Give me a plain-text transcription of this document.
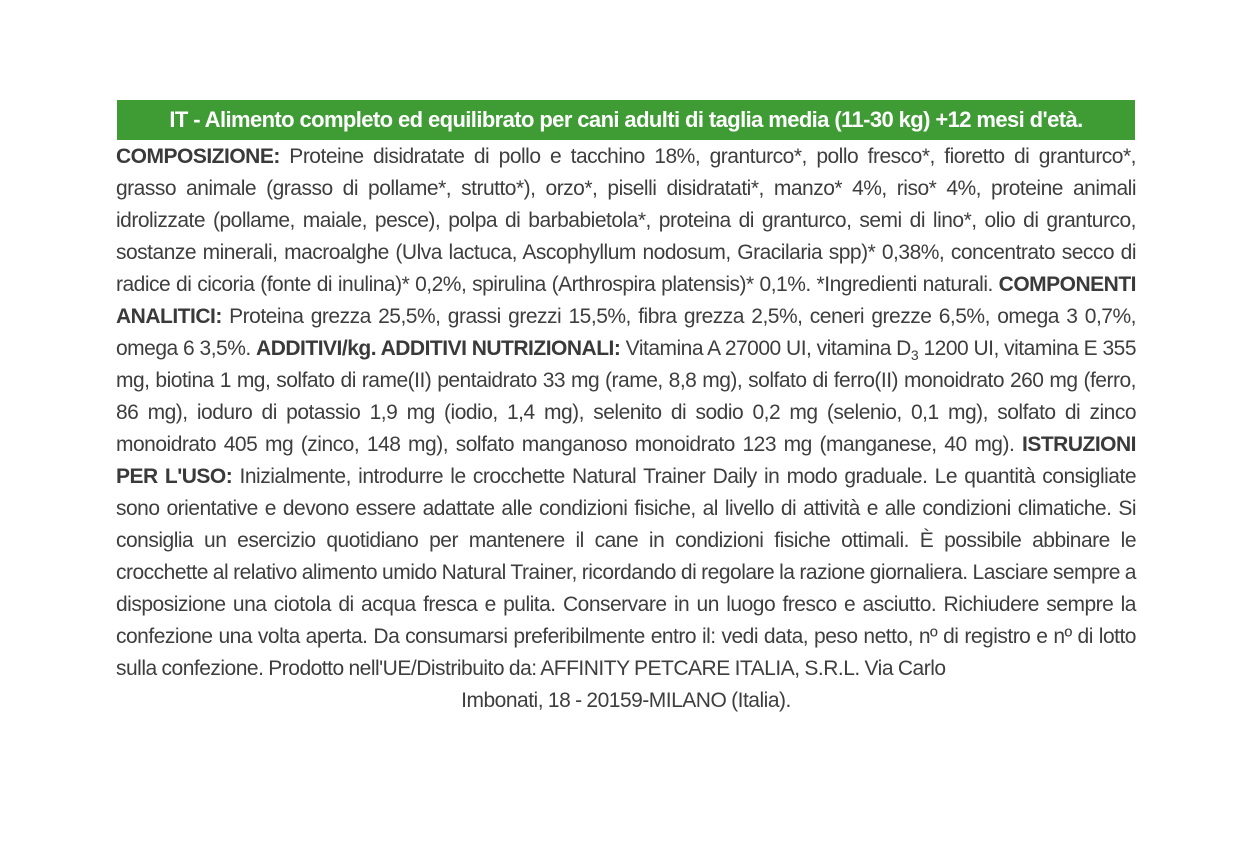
IT - Alimento completo ed equilibrato per cani adulti di taglia media (11-30 kg) +12 mesi d'età.
COMPOSIZIONE: Proteine disidratate di pollo e tacchino 18%, granturco*, pollo fresco*, fioretto di granturco*, grasso animale (grasso di pollame*, strutto*), orzo*, piselli disidratati*, manzo* 4%, riso* 4%, proteine animali idrolizzate (pollame, maiale, pesce), polpa di barbabietola*, proteina di granturco, semi di lino*, olio di granturco, sostanze minerali, macroalghe (Ulva lactuca, Ascophyllum nodosum, Gracilaria spp)* 0,38%, concentrato secco di radice di cicoria (fonte di inulina)* 0,2%, spirulina (Arthrospira platensis)* 0,1%. *Ingredienti naturali. COMPONENTI ANALITICI: Proteina grezza 25,5%, grassi grezzi 15,5%, fibra grezza 2,5%, ceneri grezze 6,5%, omega 3 0,7%, omega 6 3,5%. ADDITIVI/kg. ADDITIVI NUTRIZIONALI: Vitamina A 27000 UI, vitamina $D_3$ 1200 UI, vitamina E 355 mg, biotina 1 mg, solfato di rame(II) pentaidrato 33 mg (rame, 8,8 mg), solfato di ferro(II) monoidrato 260 mg (ferro, 86 mg), ioduro di potassio 1,9 mg (iodio, 1,4 mg), selenito di sodio 0,2 mg (selenio, 0,1 mg), solfato di zinco monoidrato 405 mg (zinco, 148 mg), solfato manganoso monoidrato 123 mg (manganese, 40 mg). ISTRUZIONI PER L'USO: Inizialmente, introdurre le crocchette Natural Trainer Daily in modo graduale. Le quantità consigliate sono orientative e devono essere adattate alle condizioni fisiche, al livello di attività e alle condizioni climatiche. Si consiglia un esercizio quotidiano per mantenere il cane in condizioni fisiche ottimali. È possibile abbinare le crocchette al relativo alimento umido Natural Trainer, ricordando di regolare la razione giornaliera. Lasciare sempre a disposizione una ciotola di acqua fresca e pulita. Conservare in un luogo fresco e asciutto. Richiudere sempre la confezione una volta aperta. Da consumarsi preferibilmente entro il: vedi data, peso netto, nº di registro e nº di lotto sulla confezione. Prodotto nell'UE/Distribuito da: AFFINITY PETCARE ITALIA, S.R.L. Via Carlo
Imbonati, 18 - 20159-MILANO (Italia).
